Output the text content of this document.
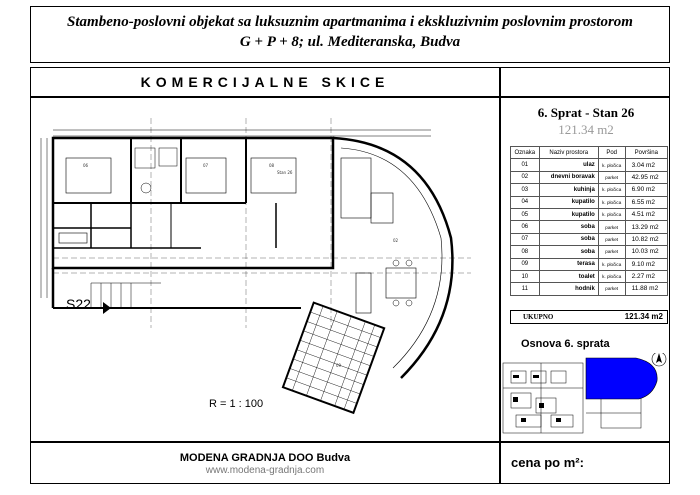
Stambeno-poslovni objekat sa luksuznim apartmanima i ekskluzivnim poslovnim prostorom
G + P + 8; ul. Mediteranska, Budva
KOMERCIJALNE SKICE
S22
R = 1 : 100
06	07	08
Stan 26
02
09
6. Sprat - Stan 26
121.34 m2
Oznaka	Naziv prostora	Pod	Površina
01	ulaz	k. pločica	3.04 m2
02	dnevni boravak	parket	42.95 m2
03	kuhinja	k. pločica	6.90 m2
04	kupatilo	k. pločica	6.55 m2
05	kupatilo	k. pločica	4.51 m2
06	soba	parket	13.29 m2
07	soba	parket	10.82 m2
08	soba	parket	10.03 m2
09	terasa	k. pločica	9.10 m2
10	toalet	k. pločica	2.27 m2
11	hodnik	parket	11.88 m2
UKUPNO	121.34 m2
Osnova 6. sprata
MODENA GRADNJA DOO Budva
www.modena-gradnja.com
cena po m²:
